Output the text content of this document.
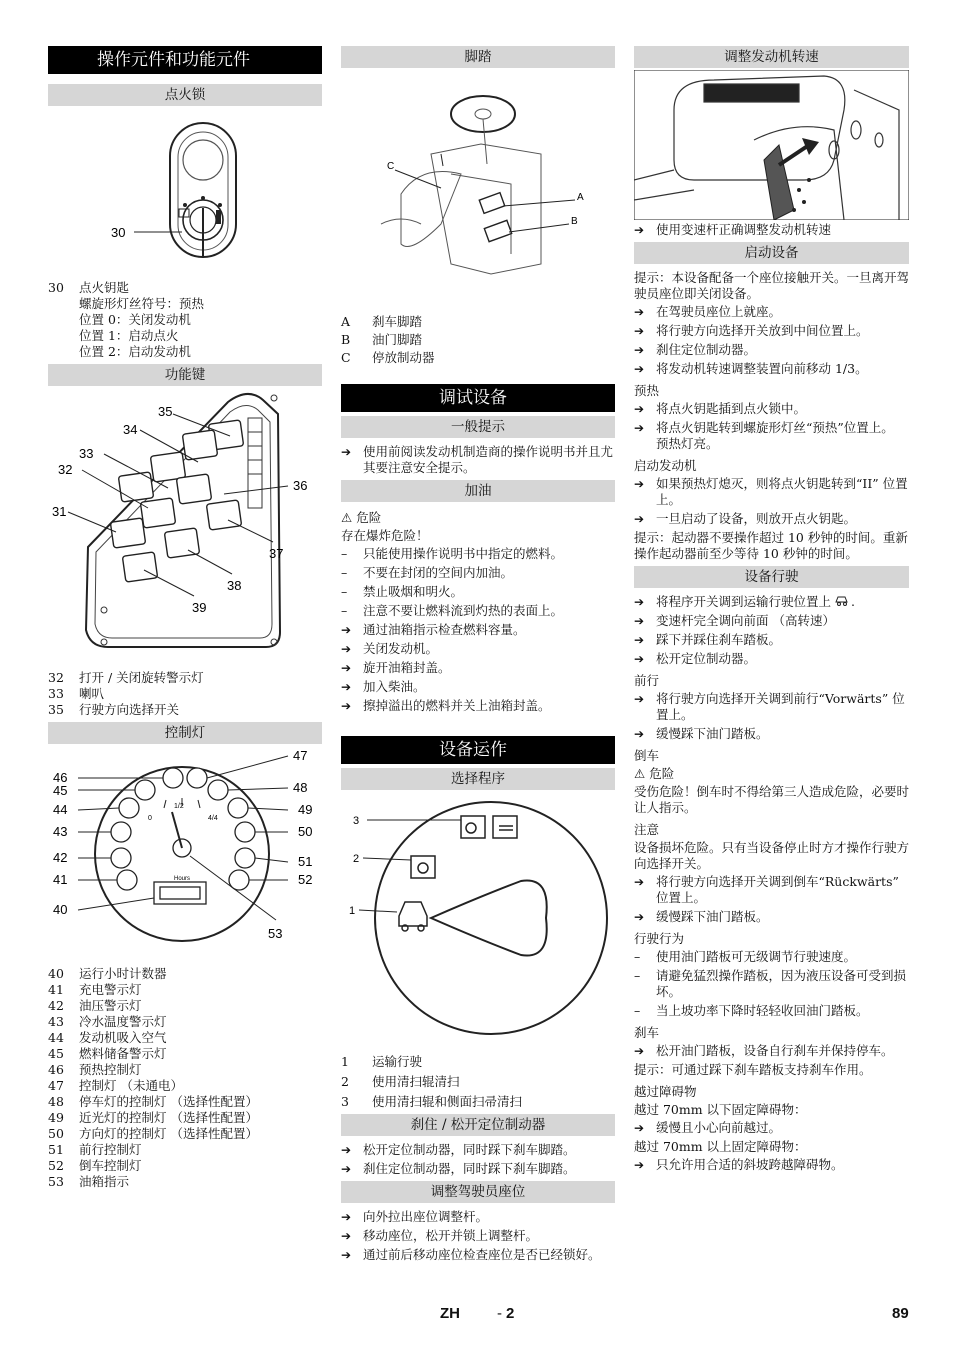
操作元件和功能元件
点火锁
30
30	点火钥匙
螺旋形灯丝符号：预热
位置 0：关闭发动机
位置 1：启动点火
位置 2：启动发动机
功能键
35
34
33
32
31
36
37
38
39
32	打开 / 关闭旋转警示灯
33	喇叭
35	行驶方向选择开关
控制灯
1/2
0	4/4
Hours
46
45
44
43
42
41
40
47
48
49
50
51
52
53
40	运行小时计数器
41	充电警示灯
42	油压警示灯
43	冷水温度警示灯
44	发动机吸入空气
45	燃料储备警示灯
46	预热控制灯
47	控制灯 （未通电）
48	停车灯的控制灯 （选择性配置）
49	近光灯的控制灯 （选择性配置）
50	方向灯的控制灯 （选择性配置）
51	前行控制灯
52	倒车控制灯
53	油箱指示
脚踏
C
A
B
A	刹车脚踏
B	油门脚踏
C	停放制动器
调试设备
一般提示

➔ 使用前阅读发动机制造商的操作说明书并且尤其要注意安全提示。

加油

⚠ 危险

存在爆炸危险！

– 只能使用操作说明书中指定的燃料。

– 不要在封闭的空间内加油。

– 禁止吸烟和明火。

– 注意不要让燃料流到灼热的表面上。

➔ 通过油箱指示检查燃料容量。

➔ 关闭发动机。

➔ 旋开油箱封盖。

➔ 加入柴油。

➔ 擦掉溢出的燃料并关上油箱封盖。

设备运作
选择程序
3
2
1
1	运输行驶
2	使用清扫辊清扫
3	使用清扫辊和侧面扫帚清扫
刹住 / 松开定位制动器

➔ 松开定位制动器，同时踩下刹车脚踏。

➔ 刹住定位制动器，同时踩下刹车脚踏。

调整驾驶员座位

➔ 向外拉出座位调整杆。

➔ 移动座位，松开并锁上调整杆。

➔ 通过前后移动座位检查座位是否已经锁好。

调整发动机转速

➔ 使用变速杆正确调整发动机转速

启动设备

提示：本设备配备一个座位接触开关。一旦离开驾驶员座位即关闭设备。

➔ 在驾驶员座位上就座。

➔ 将行驶方向选择开关放到中间位置上。

➔ 刹住定位制动器。

➔ 将发动机转速调整装置向前移动 1/3。

预热

➔ 将点火钥匙插到点火锁中。

➔ 将点火钥匙转到螺旋形灯丝“预热”位置上。

预热灯亮。

启动发动机

➔ 如果预热灯熄灭，则将点火钥匙转到“II” 位置上。

➔ 一旦启动了设备，则放开点火钥匙。

提示：起动器不要操作超过 10 秒钟的时间。重新操作起动器前至少等待 10 秒钟的时间。

设备行驶

➔ 将程序开关调到运输行驶位置上 .

➔ 变速杆完全调向前面 （高转速）

➔ 踩下并踩住刹车踏板。

➔ 松开定位制动器。

前行

➔ 将行驶方向选择开关调到前行“Vorwärts” 位置上。

➔ 缓慢踩下油门踏板。

倒车

⚠ 危险

受伤危险！倒车时不得给第三人造成危险，必要时让人指示。

注意

设备损坏危险。只有当设备停止时方才操作行驶方向选择开关。

➔ 将行驶方向选择开关调到倒车“Rückwärts” 位置上。

➔ 缓慢踩下油门踏板。

行驶行为

– 使用油门踏板可无级调节行驶速度。

– 请避免猛烈操作踏板，因为液压设备可受到损坏。

– 当上坡功率下降时轻轻收回油门踏板。

刹车

➔ 松开油门踏板，设备自行刹车并保持停车。

提示：可通过踩下刹车踏板支持刹车作用。

越过障碍物

越过 70mm 以下固定障碍物：

➔ 缓慢且小心向前越过。

越过 70mm 以上固定障碍物：

➔ 只允许用合适的斜坡跨越障碍物。

ZH - 2	89
